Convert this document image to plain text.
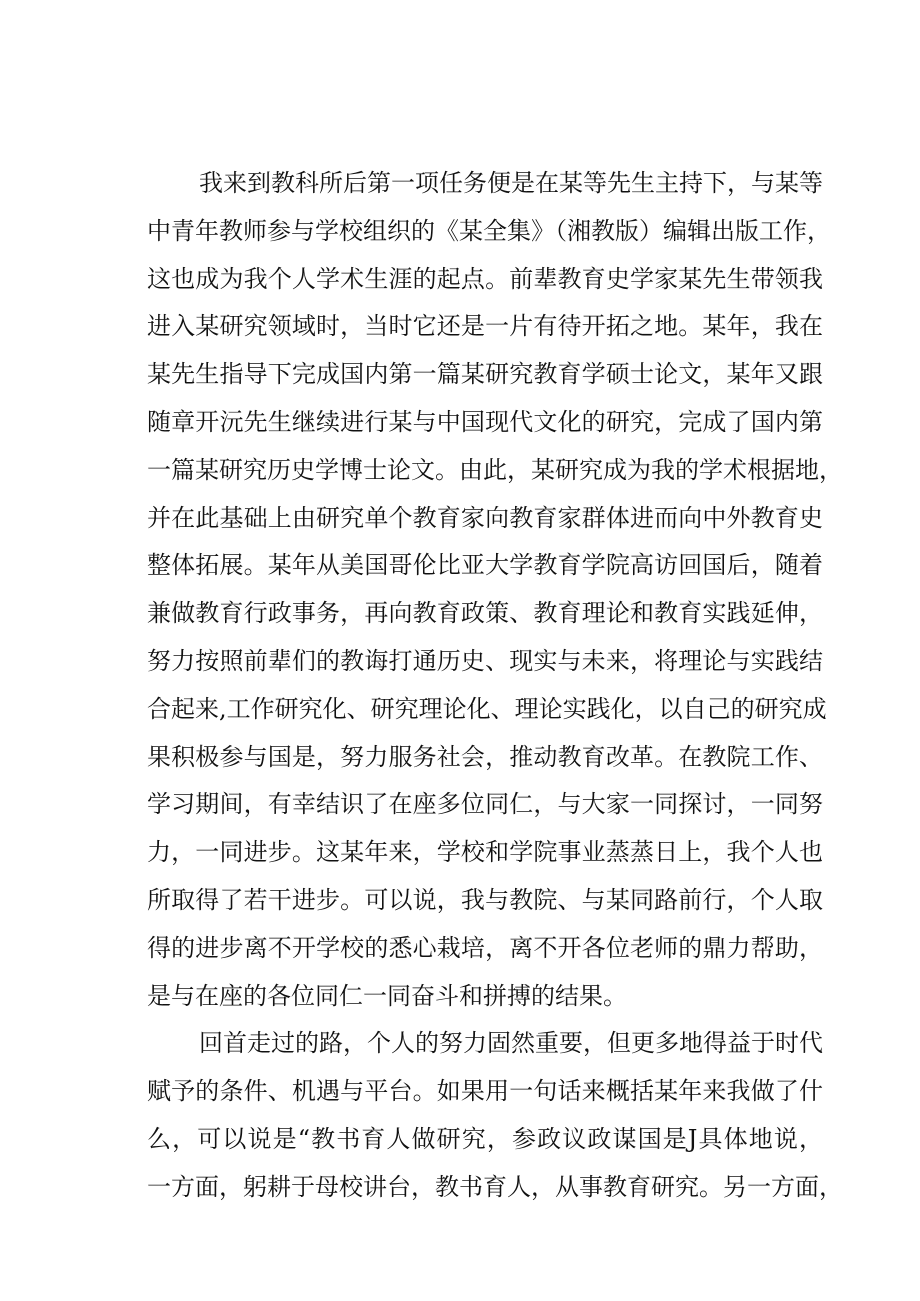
我来到教科所后第一项任务便是在某等先生主持下，与某等
中青年教师参与学校组织的《某全集》（湘教版）编辑出版工作，
这也成为我个人学术生涯的起点。前辈教育史学家某先生带领我
进入某研究领域时，当时它还是一片有待开拓之地。某年，我在
某先生指导下完成国内第一篇某研究教育学硕士论文，某年又跟
随章开沅先生继续进行某与中国现代文化的研究，完成了国内第
一篇某研究历史学博士论文。由此，某研究成为我的学术根据地，
并在此基础上由研究单个教育家向教育家群体进而向中外教育史
整体拓展。某年从美国哥伦比亚大学教育学院高访回国后，随着
兼做教育行政事务，再向教育政策、教育理论和教育实践延伸，
努力按照前辈们的教诲打通历史、现实与未来，将理论与实践结
合起来,工作研究化、研究理论化、理论实践化，以自己的研究成
果积极参与国是，努力服务社会，推动教育改革。在教院工作、
学习期间，有幸结识了在座多位同仁，与大家一同探讨，一同努
力，一同进步。这某年来，学校和学院事业蒸蒸日上，我个人也
所取得了若干进步。可以说，我与教院、与某同路前行，个人取
得的进步离不开学校的悉心栽培，离不开各位老师的鼎力帮助，
是与在座的各位同仁一同奋斗和拼搏的结果。
回首走过的路，个人的努力固然重要，但更多地得益于时代
赋予的条件、机遇与平台。如果用一句话来概括某年来我做了什
么，可以说是“教书育人做研究，参政议政谋国是J具体地说，
一方面，躬耕于母校讲台，教书育人，从事教育研究。另一方面，
